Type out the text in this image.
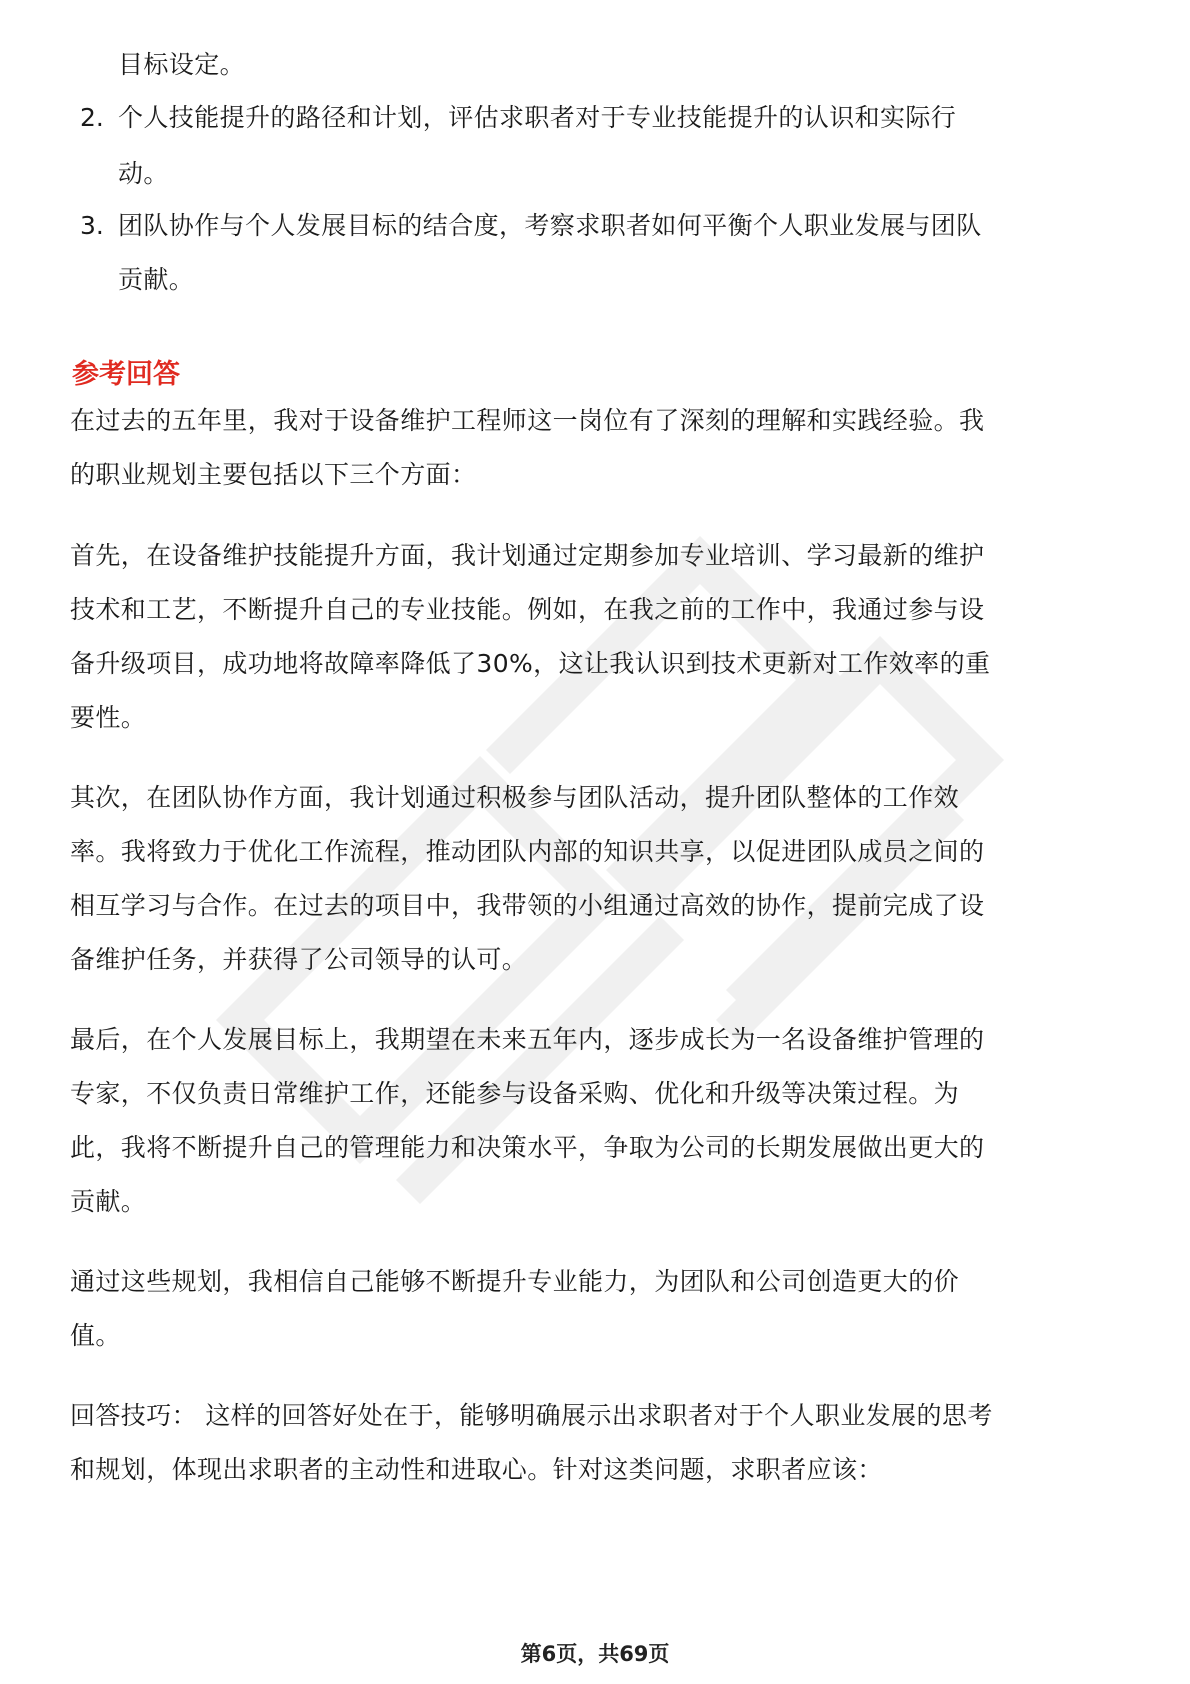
目标设定。
2. 个人技能提升的路径和计划，评估求职者对于专业技能提升的认识和实际行
动。
3. 团队协作与个人发展目标的结合度，考察求职者如何平衡个人职业发展与团队
贡献。
参考回答
在过去的五年里，我对于设备维护工程师这一岗位有了深刻的理解和实践经验。我
的职业规划主要包括以下三个方面：
首先，在设备维护技能提升方面，我计划通过定期参加专业培训、学习最新的维护
技术和工艺，不断提升自己的专业技能。例如，在我之前的工作中，我通过参与设
备升级项目，成功地将故障率降低了30%，这让我认识到技术更新对工作效率的重
要性。
其次，在团队协作方面，我计划通过积极参与团队活动，提升团队整体的工作效
率。我将致力于优化工作流程，推动团队内部的知识共享，以促进团队成员之间的
相互学习与合作。在过去的项目中，我带领的小组通过高效的协作，提前完成了设
备维护任务，并获得了公司领导的认可。
最后，在个人发展目标上，我期望在未来五年内，逐步成长为一名设备维护管理的
专家，不仅负责日常维护工作，还能参与设备采购、优化和升级等决策过程。为
此，我将不断提升自己的管理能力和决策水平，争取为公司的长期发展做出更大的
贡献。
通过这些规划，我相信自己能够不断提升专业能力，为团队和公司创造更大的价
值。
回答技巧： 这样的回答好处在于，能够明确展示出求职者对于个人职业发展的思考
和规划，体现出求职者的主动性和进取心。针对这类问题，求职者应该：
第6页，共69页
